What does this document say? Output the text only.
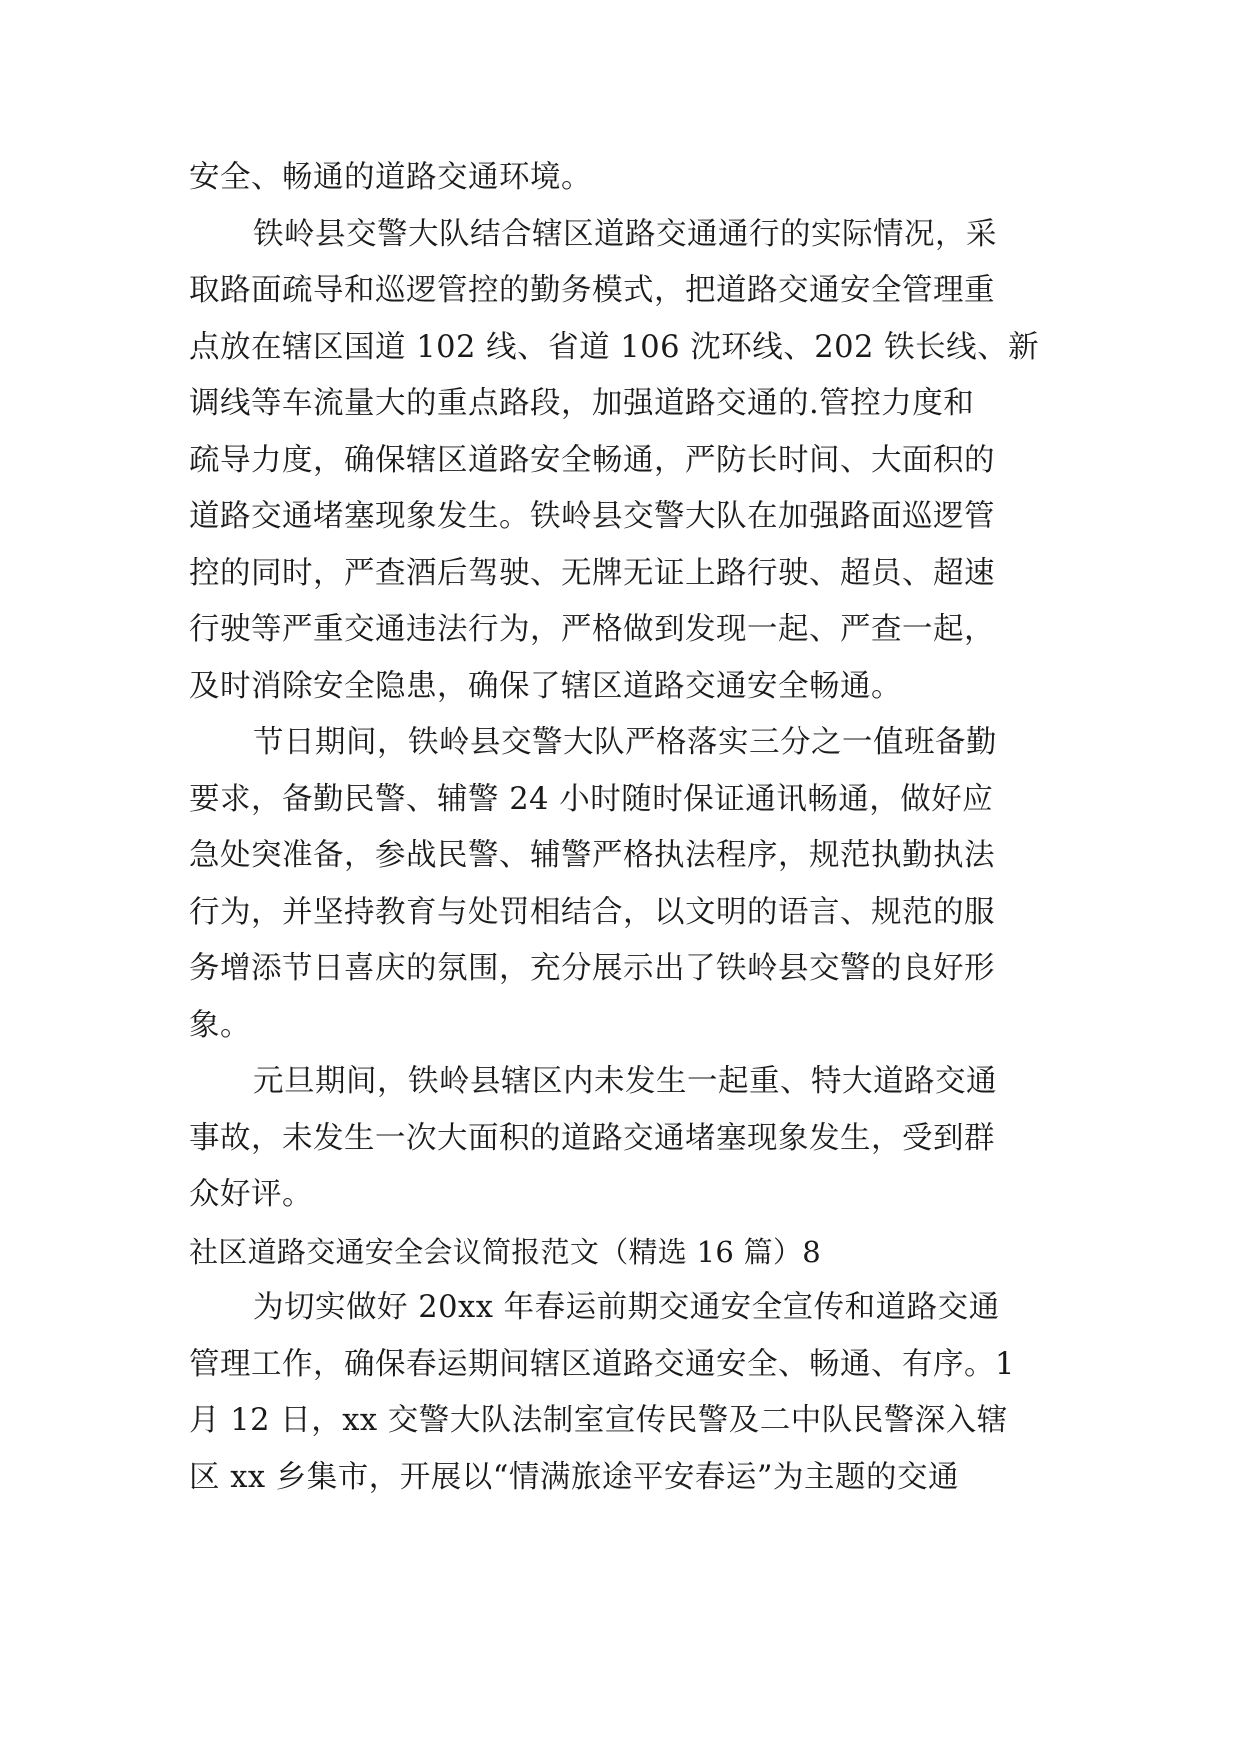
安全、畅通的道路交通环境。
铁岭县交警大队结合辖区道路交通通行的实际情况，采
取路面疏导和巡逻管控的勤务模式，把道路交通安全管理重
点放在辖区国道 102 线、省道 106 沈环线、202 铁长线、新
调线等车流量大的重点路段，加强道路交通的.管控力度和
疏导力度，确保辖区道路安全畅通，严防长时间、大面积的
道路交通堵塞现象发生。铁岭县交警大队在加强路面巡逻管
控的同时，严查酒后驾驶、无牌无证上路行驶、超员、超速
行驶等严重交通违法行为，严格做到发现一起、严查一起，
及时消除安全隐患，确保了辖区道路交通安全畅通。
节日期间，铁岭县交警大队严格落实三分之一值班备勤
要求，备勤民警、辅警 24 小时随时保证通讯畅通，做好应
急处突准备，参战民警、辅警严格执法程序，规范执勤执法
行为，并坚持教育与处罚相结合，以文明的语言、规范的服
务增添节日喜庆的氛围，充分展示出了铁岭县交警的良好形
象。
元旦期间，铁岭县辖区内未发生一起重、特大道路交通
事故，未发生一次大面积的道路交通堵塞现象发生，受到群
众好评。
社区道路交通安全会议简报范文（精选 16 篇）8
为切实做好 20xx 年春运前期交通安全宣传和道路交通
管理工作，确保春运期间辖区道路交通安全、畅通、有序。1
月 12 日，xx 交警大队法制室宣传民警及二中队民警深入辖
区 xx 乡集市，开展以“情满旅途平安春运”为主题的交通
